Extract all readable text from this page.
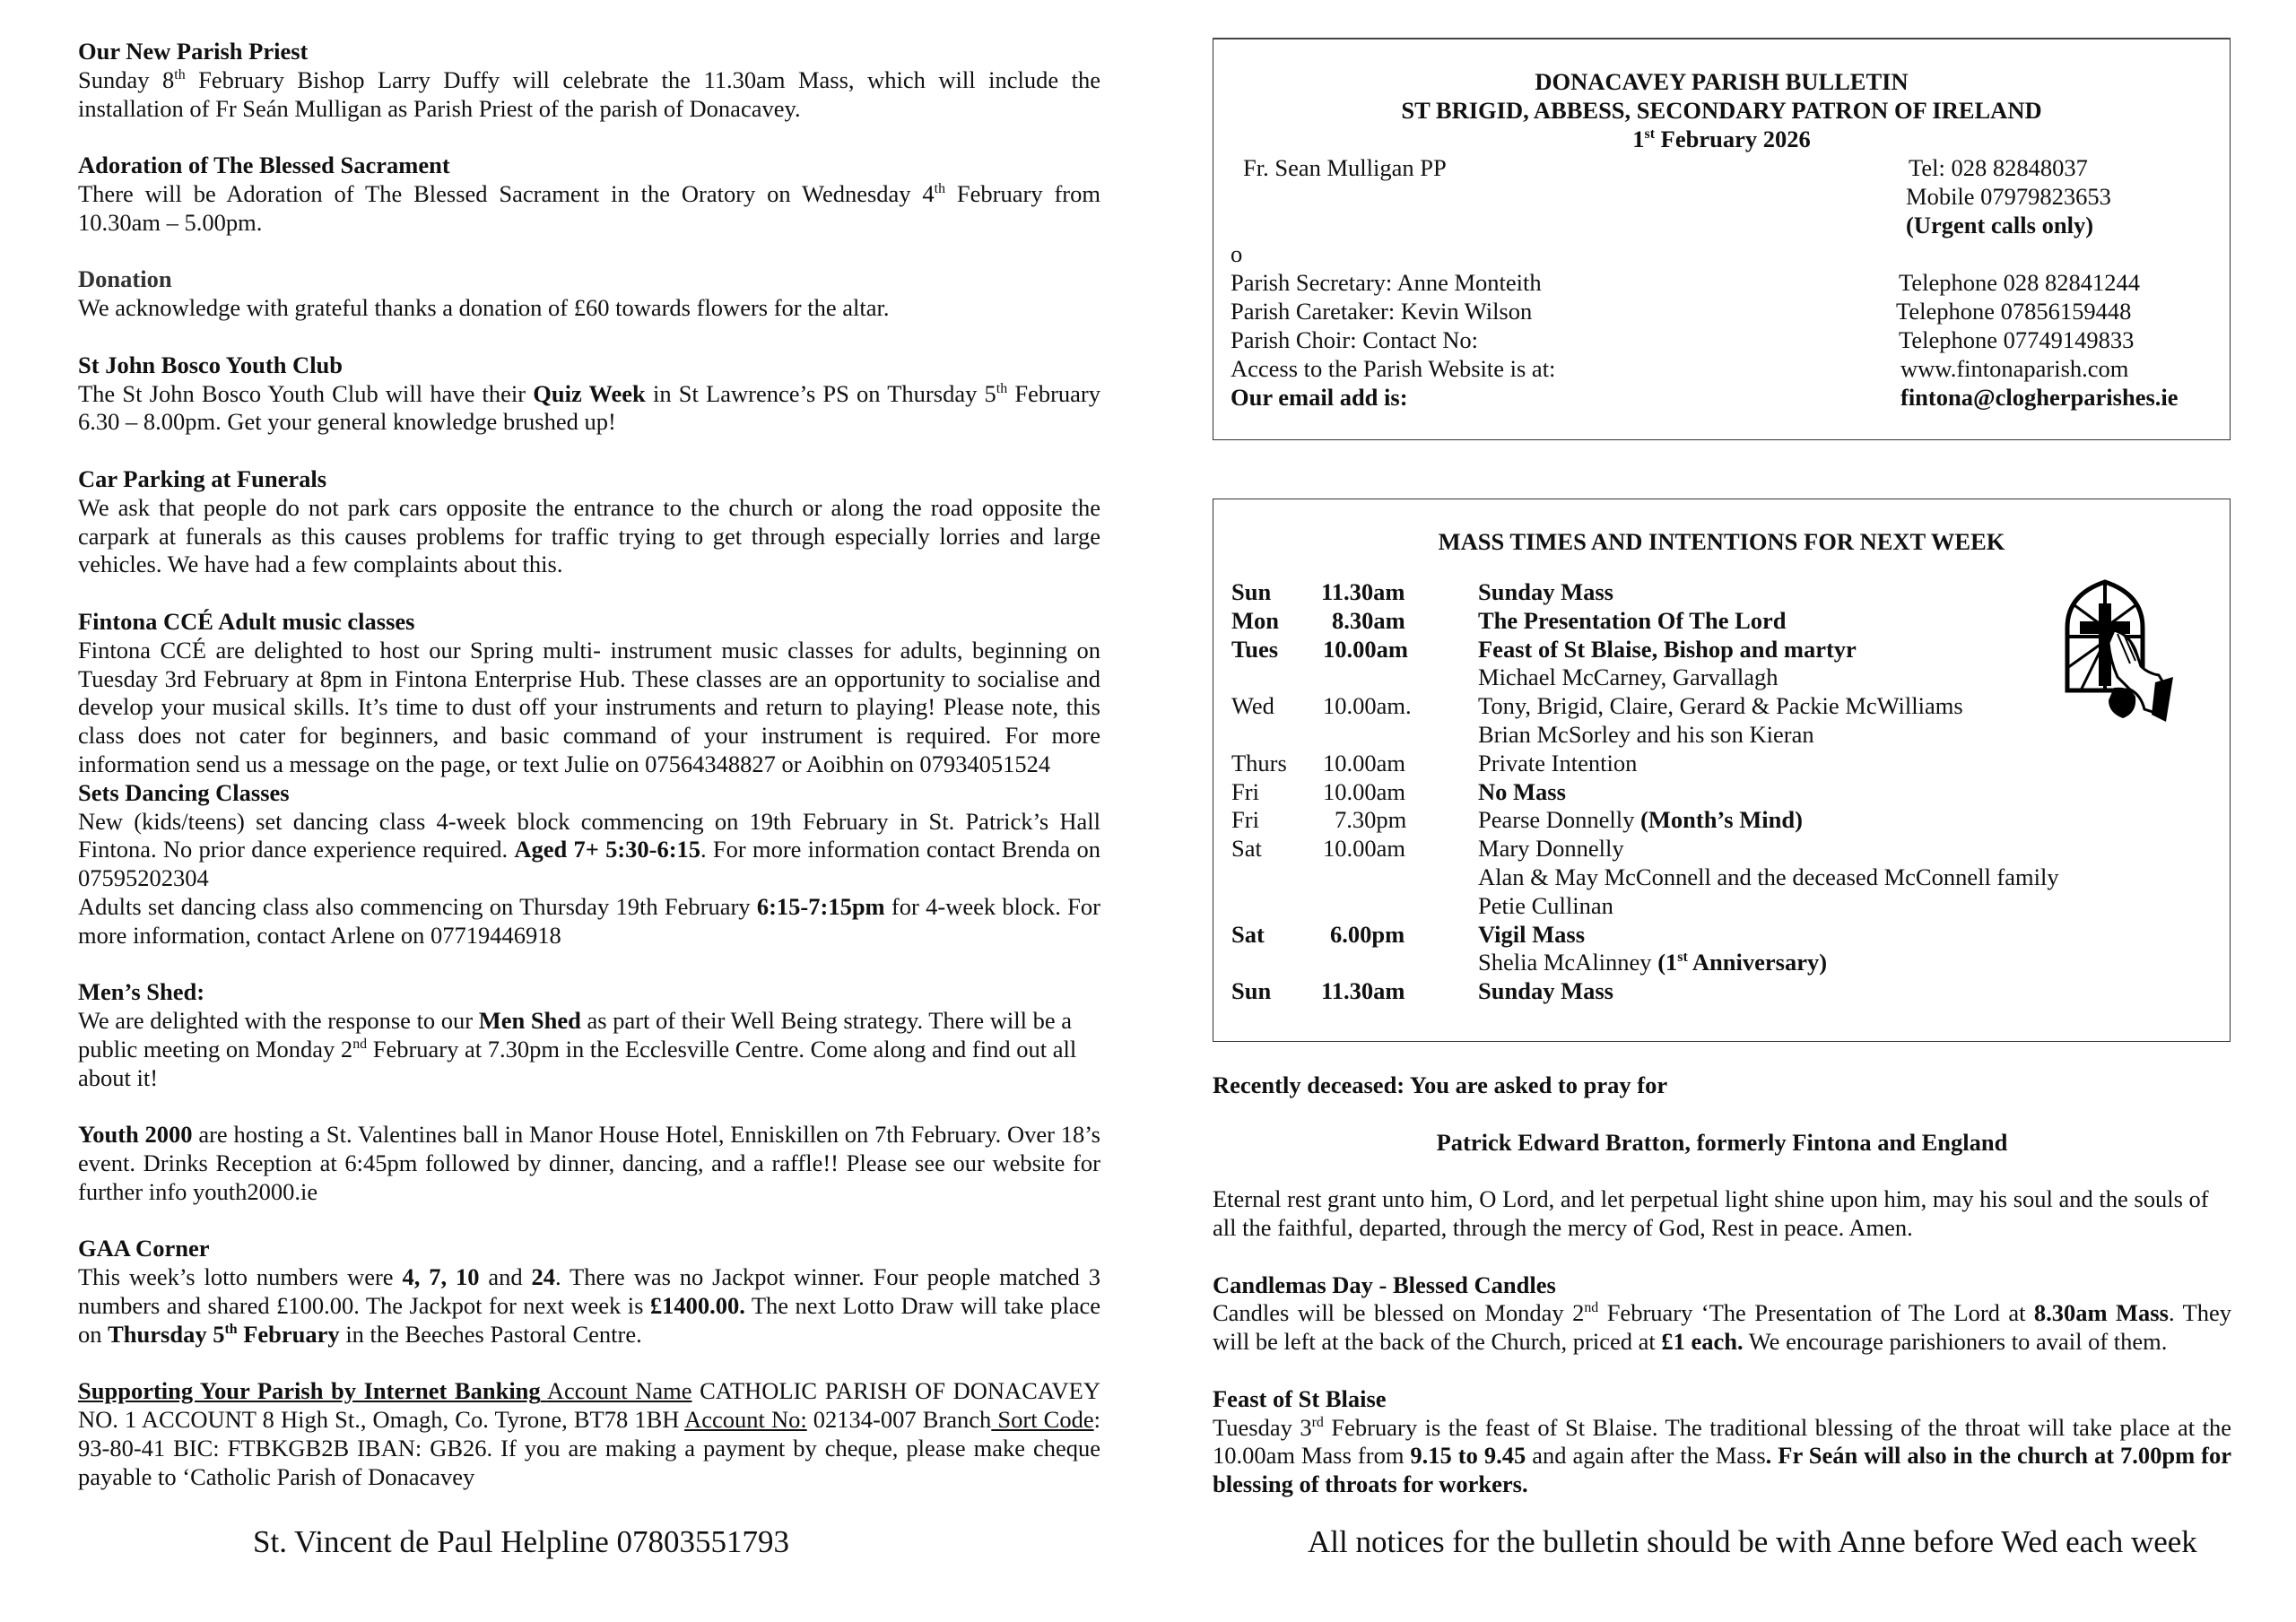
Our New Parish Priest

Sunday 8th February Bishop Larry Duffy will celebrate the 11.30am Mass, which will include the installation of Fr Seán Mulligan as Parish Priest of the parish of Donacavey.

Adoration of The Blessed Sacrament

There will be Adoration of The Blessed Sacrament in the Oratory on Wednesday 4th February from 10.30am – 5.00pm.

Donation

We acknowledge with grateful thanks a donation of £60 towards flowers for the altar.

St John Bosco Youth Club

The St John Bosco Youth Club will have their Quiz Week in St Lawrence’s PS on Thursday 5th February 6.30 – 8.00pm. Get your general knowledge brushed up!

Car Parking at Funerals

We ask that people do not park cars opposite the entrance to the church or along the road opposite the carpark at funerals as this causes problems for traffic trying to get through especially lorries and large vehicles. We have had a few complaints about this.

Fintona CCÉ Adult music classes

Fintona CCÉ are delighted to host our Spring multi- instrument music classes for adults, beginning on Tuesday 3rd February at 8pm in Fintona Enterprise Hub. These classes are an opportunity to socialise and develop your musical skills. It’s time to dust off your instruments and return to playing! Please note, this class does not cater for beginners, and basic command of your instrument is required. For more information send us a message on the page, or text Julie on 07564348827 or Aoibhin on 07934051524

Sets Dancing Classes

New (kids/teens) set dancing class 4-week block commencing on 19th February in St. Patrick’s Hall Fintona. No prior dance experience required. Aged 7+ 5:30-6:15. For more information contact Brenda on 07595202304

Adults set dancing class also commencing on Thursday 19th February 6:15-7:15pm for 4-week block. For more information, contact Arlene on 07719446918

Men’s Shed:

We are delighted with the response to our Men Shed as part of their Well Being strategy. There will be a public meeting on Monday 2nd February at 7.30pm in the Ecclesville Centre. Come along and find out all about it!

Youth 2000 are hosting a St. Valentines ball in Manor House Hotel, Enniskillen on 7th February. Over 18’s event. Drinks Reception at 6:45pm followed by dinner, dancing, and a raffle!! Please see our website for further info youth2000.ie

GAA Corner

This week’s lotto numbers were 4, 7, 10 and 24. There was no Jackpot winner. Four people matched 3 numbers and shared £100.00. The Jackpot for next week is £1400.00. The next Lotto Draw will take place on Thursday 5th February in the Beeches Pastoral Centre.

Supporting Your Parish by Internet Banking Account Name CATHOLIC PARISH OF DONACAVEY NO. 1 ACCOUNT 8 High St., Omagh, Co. Tyrone, BT78 1BH Account No: 02134-007 Branch Sort Code: 93-80-41 BIC: FTBKGB2B IBAN: GB26. If you are making a payment by cheque, please make cheque payable to ‘Catholic Parish of Donacavey

St. Vincent de Paul Helpline 07803551793
DONACAVEY PARISH BULLETIN
ST BRIGID, ABBESS, SECONDARY PATRON OF IRELAND
1st February 2026
Fr. Sean Mulligan PP	Tel: 028 82848037
Mobile 07979823653
(Urgent calls only)
o
Parish Secretary: Anne Monteith	Telephone 028 82841244
Parish Caretaker: Kevin Wilson	Telephone 07856159448
Parish Choir: Contact No:	Telephone 07749149833
Access to the Parish Website is at:	www.fintonaparish.com
Our email add is:	fintona@clogherparishes.ie
MASS TIMES AND INTENTIONS FOR NEXT WEEK
Sun 11.30am	Sunday Mass
Mon 8.30am	The Presentation Of The Lord
Tues 10.00am	Feast of St Blaise, Bishop and martyr
Michael McCarney, Garvallagh
Wed 10.00am.	Tony, Brigid, Claire, Gerard & Packie McWilliams
Brian McSorley and his son Kieran
Thurs 10.00am	Private Intention
Fri	10.00am	No Mass
Fri	7.30pm	Pearse Donnelly (Month’s Mind)
Sat	10.00am	Mary Donnelly
Alan & May McConnell and the deceased McConnell family
Petie Cullinan
Sat	6.00pm	Vigil Mass
Shelia McAlinney (1st Anniversary)
Sun 11.30am	Sunday Mass
Recently deceased: You are asked to pray for
Patrick Edward Bratton, formerly Fintona and England

Eternal rest grant unto him, O Lord, and let perpetual light shine upon him, may his soul and the souls of all the faithful, departed, through the mercy of God, Rest in peace. Amen.

Candlemas Day - Blessed Candles

Candles will be blessed on Monday 2nd February ‘The Presentation of The Lord at 8.30am Mass. They will be left at the back of the Church, priced at £1 each. We encourage parishioners to avail of them.

Feast of St Blaise

Tuesday 3rd February is the feast of St Blaise. The traditional blessing of the throat will take place at the 10.00am Mass from 9.15 to 9.45 and again after the Mass. Fr Seán will also in the church at 7.00pm for blessing of throats for workers.

All notices for the bulletin should be with Anne before Wed each week
